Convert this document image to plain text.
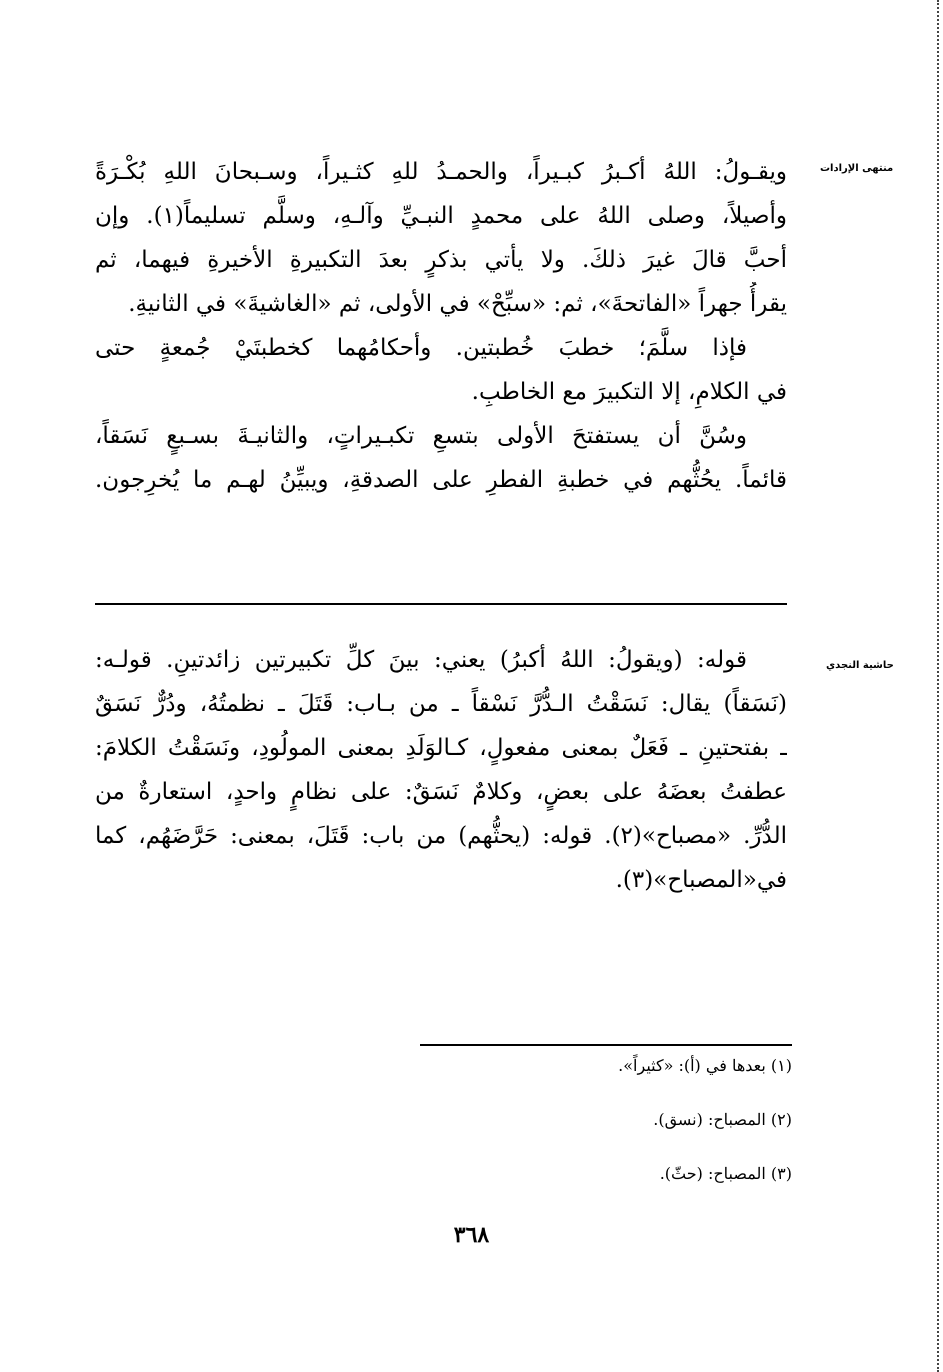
منتهى الإرادات
ويقـولُ: اللهُ أكـبرُ كبـيراً، والحمـدُ للهِ كثـيراً، وسـبحانَ اللهِ بُكْـرَةً
وأصيلاً، وصلى اللهُ على محمدٍ النبـيِّ وآلـهِ، وسلَّم تسليماً(١). وإن
أحبَّ قالَ غيرَ ذلكَ. ولا يأتي بذكرٍ بعدَ التكبيرةِ الأخيرةِ فيهما، ثم
يقرأُ جهراً «الفاتحةَ»، ثم: «سبِّحْ» في الأولى، ثم «الغاشيةَ» في الثانيةِ.
فإذا سلَّمَ؛ خطبَ خُطبتين. وأحكامُهما كخطبتَيْ جُمعةٍ حتى
في الكلامِ، إلا التكبيرَ مع الخاطبِ.
وسُنَّ أن يستفتحَ الأولى بتسعِ تكبـيراتٍ، والثانيـةَ بسـبعٍ نَسَقاً،
قائماً. يحُثُّهم في خطبةِ الفطرِ على الصدقةِ، ويبيِّنُ لهـم ما يُخرِجون.
حاشية النجدي
قوله: (ويقولُ: اللهُ أكبرُ) يعني: بينَ كلِّ تكبيرتين زائدتينِ. قولـه:
(نَسَقاً) يقال: نَسَقْتُ الـدُّرَّ نَسْقاً ـ من بـاب: قَتَلَ ـ نظمتُهُ، ودُرٌّ نَسَقٌ
ـ بفتحتينِ ـ فَعَلٌ بمعنى مفعولٍ، كـالوَلَدِ بمعنى المولُودِ، ونَسَقْتُ الكلامَ:
عطفتُ بعضَهُ على بعضٍ، وكلامٌ نَسَقٌ: على نظامٍ واحدٍ، استعارةٌ من
الدُّرِّ. «مصباح»(٢). قوله: (يحثُّهم) من باب: قَتَلَ، بمعنى: حَرَّضَهُم، كما
في«المصباح»(٣).
(١) بعدها في (أ): «كثيراً».
(٢) المصباح: (نسق).
(٣) المصباح: (حثّ).
٣٦٨
